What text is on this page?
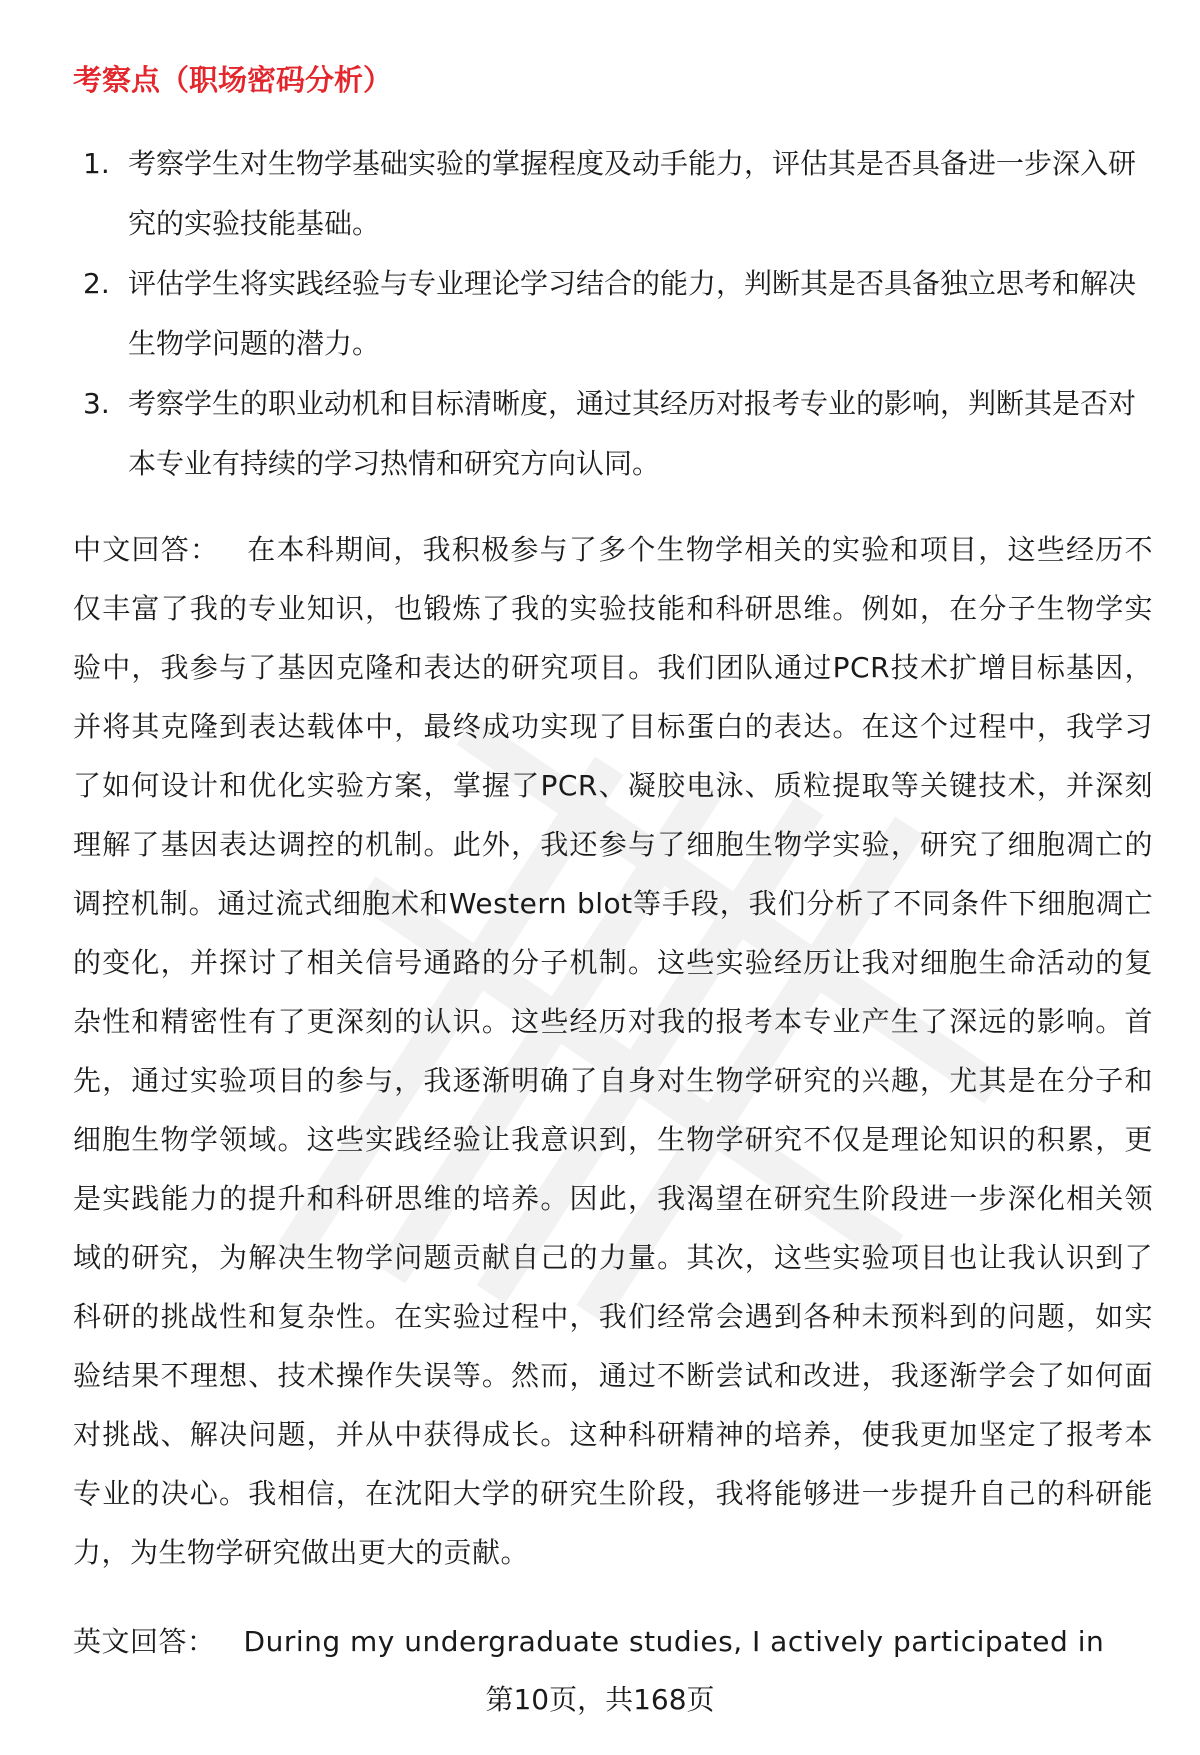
考察点（职场密码分析）
1. 考察学生对生物学基础实验的掌握程度及动手能力，评估其是否具备进一步深入研究的实验技能基础。
2. 评估学生将实践经验与专业理论学习结合的能力，判断其是否具备独立思考和解决生物学问题的潜力。
3. 考察学生的职业动机和目标清晰度，通过其经历对报考专业的影响，判断其是否对本专业有持续的学习热情和研究方向认同。

中文回答： 在本科期间，我积极参与了多个生物学相关的实验和项目，这些经历不仅丰富了我的专业知识，也锻炼了我的实验技能和科研思维。例如，在分子生物学实验中，我参与了基因克隆和表达的研究项目。我们团队通过PCR技术扩增目标基因，并将其克隆到表达载体中，最终成功实现了目标蛋白的表达。在这个过程中，我学习了如何设计和优化实验方案，掌握了PCR、凝胶电泳、质粒提取等关键技术，并深刻理解了基因表达调控的机制。此外，我还参与了细胞生物学实验，研究了细胞凋亡的调控机制。通过流式细胞术和Western blot等手段，我们分析了不同条件下细胞凋亡的变化，并探讨了相关信号通路的分子机制。这些实验经历让我对细胞生命活动的复杂性和精密性有了更深刻的认识。这些经历对我的报考本专业产生了深远的影响。首先，通过实验项目的参与，我逐渐明确了自身对生物学研究的兴趣，尤其是在分子和细胞生物学领域。这些实践经验让我意识到，生物学研究不仅是理论知识的积累，更是实践能力的提升和科研思维的培养。因此，我渴望在研究生阶段进一步深化相关领域的研究，为解决生物学问题贡献自己的力量。其次，这些实验项目也让我认识到了科研的挑战性和复杂性。在实验过程中，我们经常会遇到各种未预料到的问题，如实验结果不理想、技术操作失误等。然而，通过不断尝试和改进，我逐渐学会了如何面对挑战、解决问题，并从中获得成长。这种科研精神的培养，使我更加坚定了报考本专业的决心。我相信，在沈阳大学的研究生阶段，我将能够进一步提升自己的科研能力，为生物学研究做出更大的贡献。

英文回答： During my undergraduate studies, I actively participated in

第10页，共168页
